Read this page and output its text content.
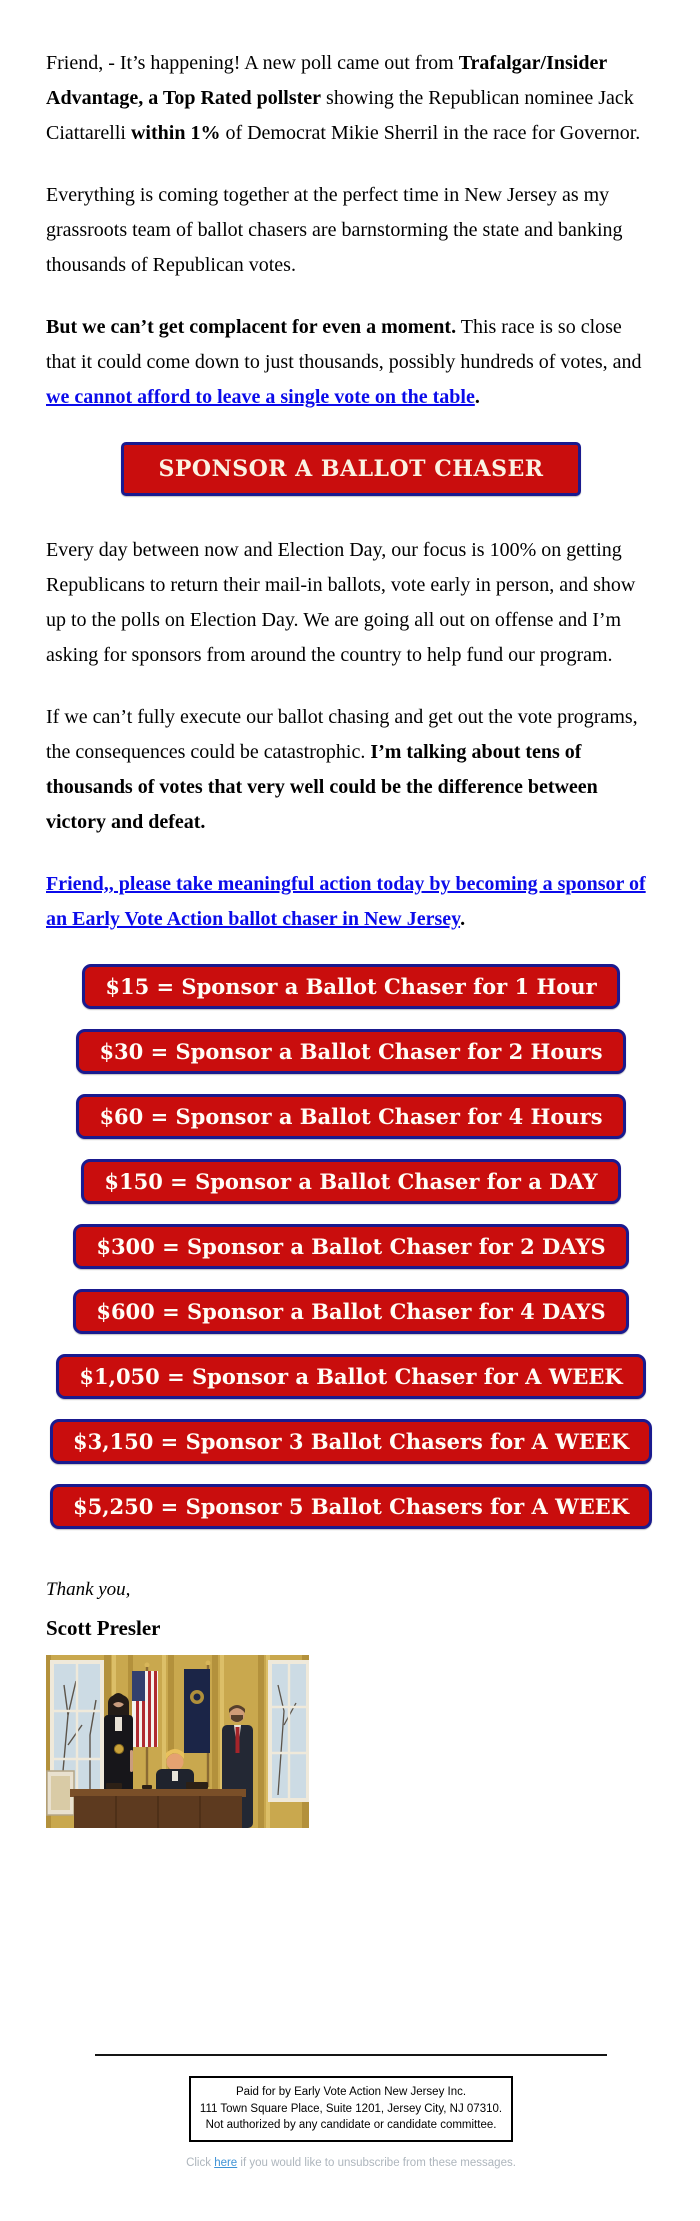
Friend, - It’s happening! A new poll came out from Trafalgar/Insider Advantage, a Top Rated pollster showing the Republican nominee Jack Ciattarelli within 1% of Democrat Mikie Sherril in the race for Governor.

Everything is coming together at the perfect time in New Jersey as my grassroots team of ballot chasers are barnstorming the state and banking thousands of Republican votes.

But we can’t get complacent for even a moment. This race is so close that it could come down to just thousands, possibly hundreds of votes, and we cannot afford to leave a single vote on the table.

SPONSOR A BALLOT CHASER

Every day between now and Election Day, our focus is 100% on getting Republicans to return their mail-in ballots, vote early in person, and show up to the polls on Election Day. We are going all out on offense and I’m asking for sponsors from around the country to help fund our program.

If we can’t fully execute our ballot chasing and get out the vote programs, the consequences could be catastrophic. I’m talking about tens of thousands of votes that very well could be the difference between victory and defeat.

Friend,, please take meaningful action today by becoming a sponsor of an Early Vote Action ballot chaser in New Jersey.

$15 = Sponsor a Ballot Chaser for 1 Hour
$30 = Sponsor a Ballot Chaser for 2 Hours
$60 = Sponsor a Ballot Chaser for 4 Hours
$150 = Sponsor a Ballot Chaser for a DAY
$300 = Sponsor a Ballot Chaser for 2 DAYS
$600 = Sponsor a Ballot Chaser for 4 DAYS
$1,050 = Sponsor a Ballot Chaser for A WEEK
$3,150 = Sponsor 3 Ballot Chasers for A WEEK
$5,250 = Sponsor 5 Ballot Chasers for A WEEK

Thank you,

Scott Presler

Paid for by Early Vote Action New Jersey Inc.
111 Town Square Place, Suite 1201, Jersey City, NJ 07310.
Not authorized by any candidate or candidate committee.
Click here if you would like to unsubscribe from these messages.
